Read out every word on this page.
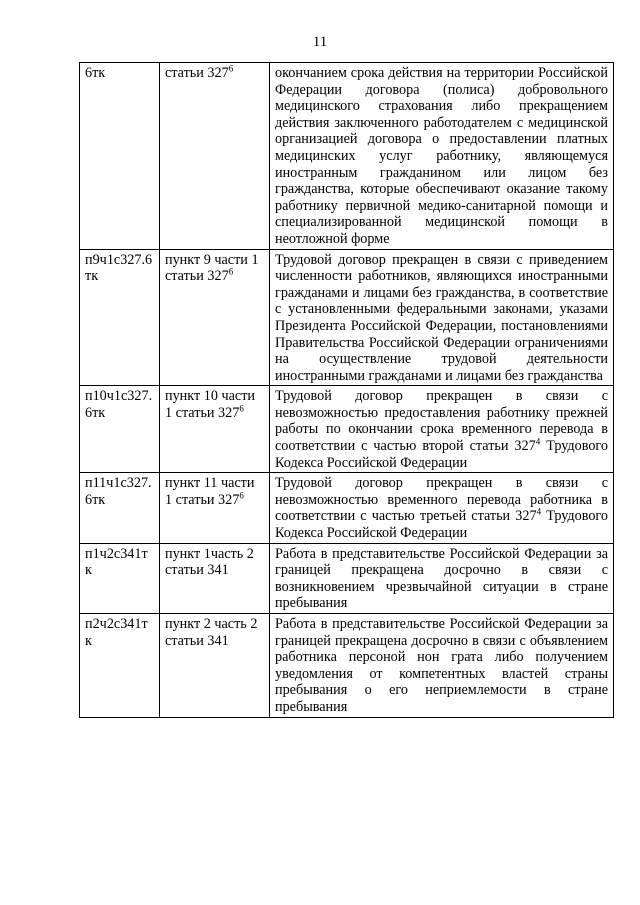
11
6тк	статьи $327^6$	окончанием срока действия на территории Российской Федерации договора (полиса) добровольного медицинского страхования либо прекращением действия заключенного работодателем с медицинской организацией договора о предоставлении платных медицинских услуг работнику, являющемуся иностранным гражданином или лицом без гражданства, которые обеспечивают оказание такому работнику первичной медико-санитарной помощи и специализированной медицинской помощи в неотложной форме
п9ч1с327.6тк	пункт 9 части 1 статьи $327^6$	Трудовой договор прекращен в связи с приведением численности работников, являющихся иностранными гражданами и лицами без гражданства, в соответствие с установленными федеральными законами, указами Президента Российской Федерации, постановлениями Правительства Российской Федерации ограничениями на осуществление трудовой деятельности иностранными гражданами и лицами без гражданства
п10ч1с327.6тк	пункт 10 части 1 статьи $327^6$	Трудовой договор прекращен в связи с невозможностью предоставления работнику прежней работы по окончании срока временного перевода в соответствии с частью второй статьи $327^4$ Трудового Кодекса Российской Федерации
п11ч1с327.6тк	пункт 11 части 1 статьи $327^6$	Трудовой договор прекращен в связи с невозможностью временного перевода работника в соответствии с частью третьей статьи $327^4$ Трудового Кодекса Российской Федерации
п1ч2с341тк	пункт 1часть 2 статьи 341	Работа в представительстве Российской Федерации за границей прекращена досрочно в связи с возникновением чрезвычайной ситуации в стране пребывания
п2ч2с341тк	пункт 2 часть 2 статьи 341	Работа в представительстве Российской Федерации за границей прекращена досрочно в связи с объявлением работника персоной нон грата либо получением уведомления от компетентных властей страны пребывания о его неприемлемости в стране пребывания
